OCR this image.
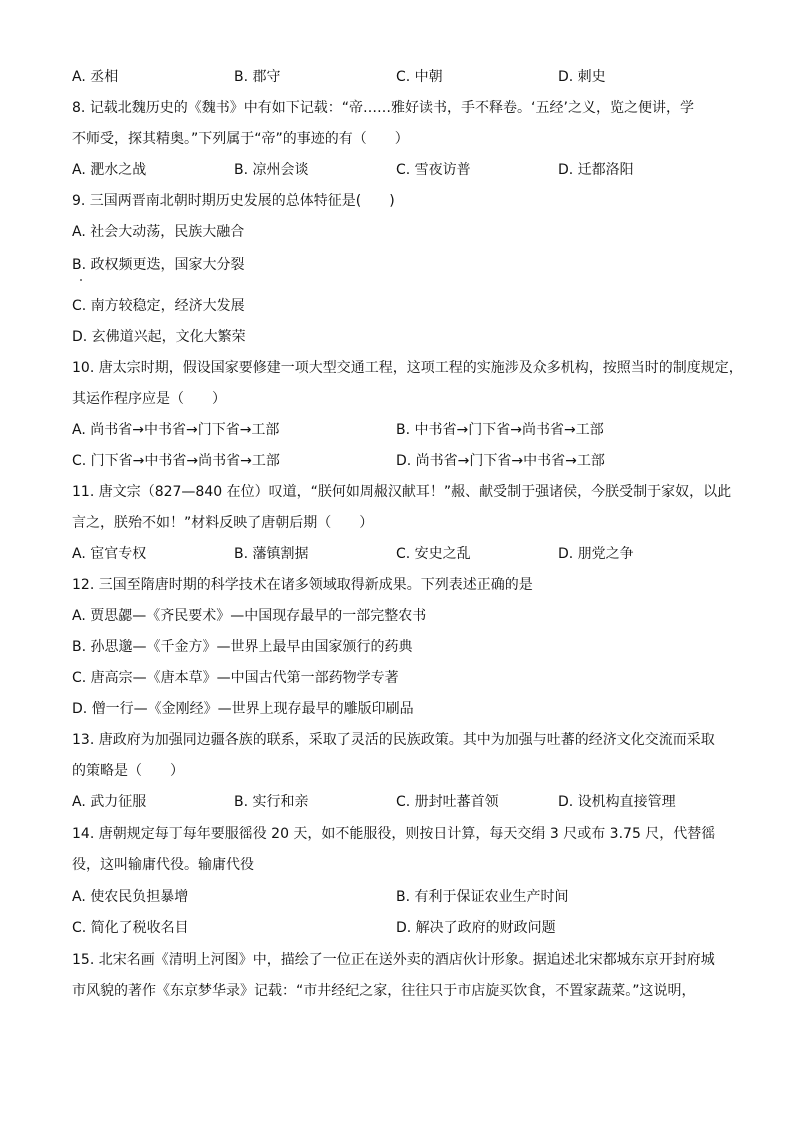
A. 丞相	B. 郡守	C. 中朝	D. 刺史
8. 记载北魏历史的《魏书》中有如下记载：“帝……雅好读书，手不释卷。‘五经’之义，览之便讲，学
不师受，探其精奥。”下列属于“帝”的事迹的有（　　）
A. 淝水之战	B. 凉州会谈	C. 雪夜访普	D. 迁都洛阳
9. 三国两晋南北朝时期历史发展的总体特征是(　　)
A. 社会大动荡，民族大融合
B. 政权频更迭，国家大分裂
C. 南方较稳定，经济大发展
D. 玄佛道兴起，文化大繁荣
10. 唐太宗时期，假设国家要修建一项大型交通工程，这项工程的实施涉及众多机构，按照当时的制度规定，
其运作程序应是（　　）
A. 尚书省→中书省→门下省→工部	B. 中书省→门下省→尚书省→工部
C. 门下省→中书省→尚书省→工部	D. 尚书省→门下省→中书省→工部
11. 唐文宗（827—840 在位）叹道，“朕何如周赧汉献耳！”赧、献受制于强诸侯，今朕受制于家奴，以此
言之，朕殆不如！”材料反映了唐朝后期（　　）
A. 宦官专权	B. 藩镇割据	C. 安史之乱	D. 朋党之争
12. 三国至隋唐时期的科学技术在诸多领域取得新成果。下列表述正确的是
A. 贾思勰—《齐民要术》—中国现存最早的一部完整农书
B. 孙思邈—《千金方》—世界上最早由国家颁行的药典
C. 唐高宗—《唐本草》—中国古代第一部药物学专著
D. 僧一行—《金刚经》—世界上现存最早的雕版印刷品
13. 唐政府为加强同边疆各族的联系，采取了灵活的民族政策。其中为加强与吐蕃的经济文化交流而采取
的策略是（　　）
A. 武力征服	B. 实行和亲	C. 册封吐蕃首领	D. 设机构直接管理
14. 唐朝规定每丁每年要服徭役 20 天，如不能服役，则按日计算，每天交绢 3 尺或布 3.75 尺，代替徭
役，这叫输庸代役。输庸代役
A. 使农民负担暴增	B. 有利于保证农业生产时间
C. 简化了税收名目	D. 解决了政府的财政问题
15. 北宋名画《清明上河图》中，描绘了一位正在送外卖的酒店伙计形象。据追述北宋都城东京开封府城
市风貌的著作《东京梦华录》记载：“市井经纪之家，往往只于市店旋买饮食，不置家蔬菜。”这说明，
